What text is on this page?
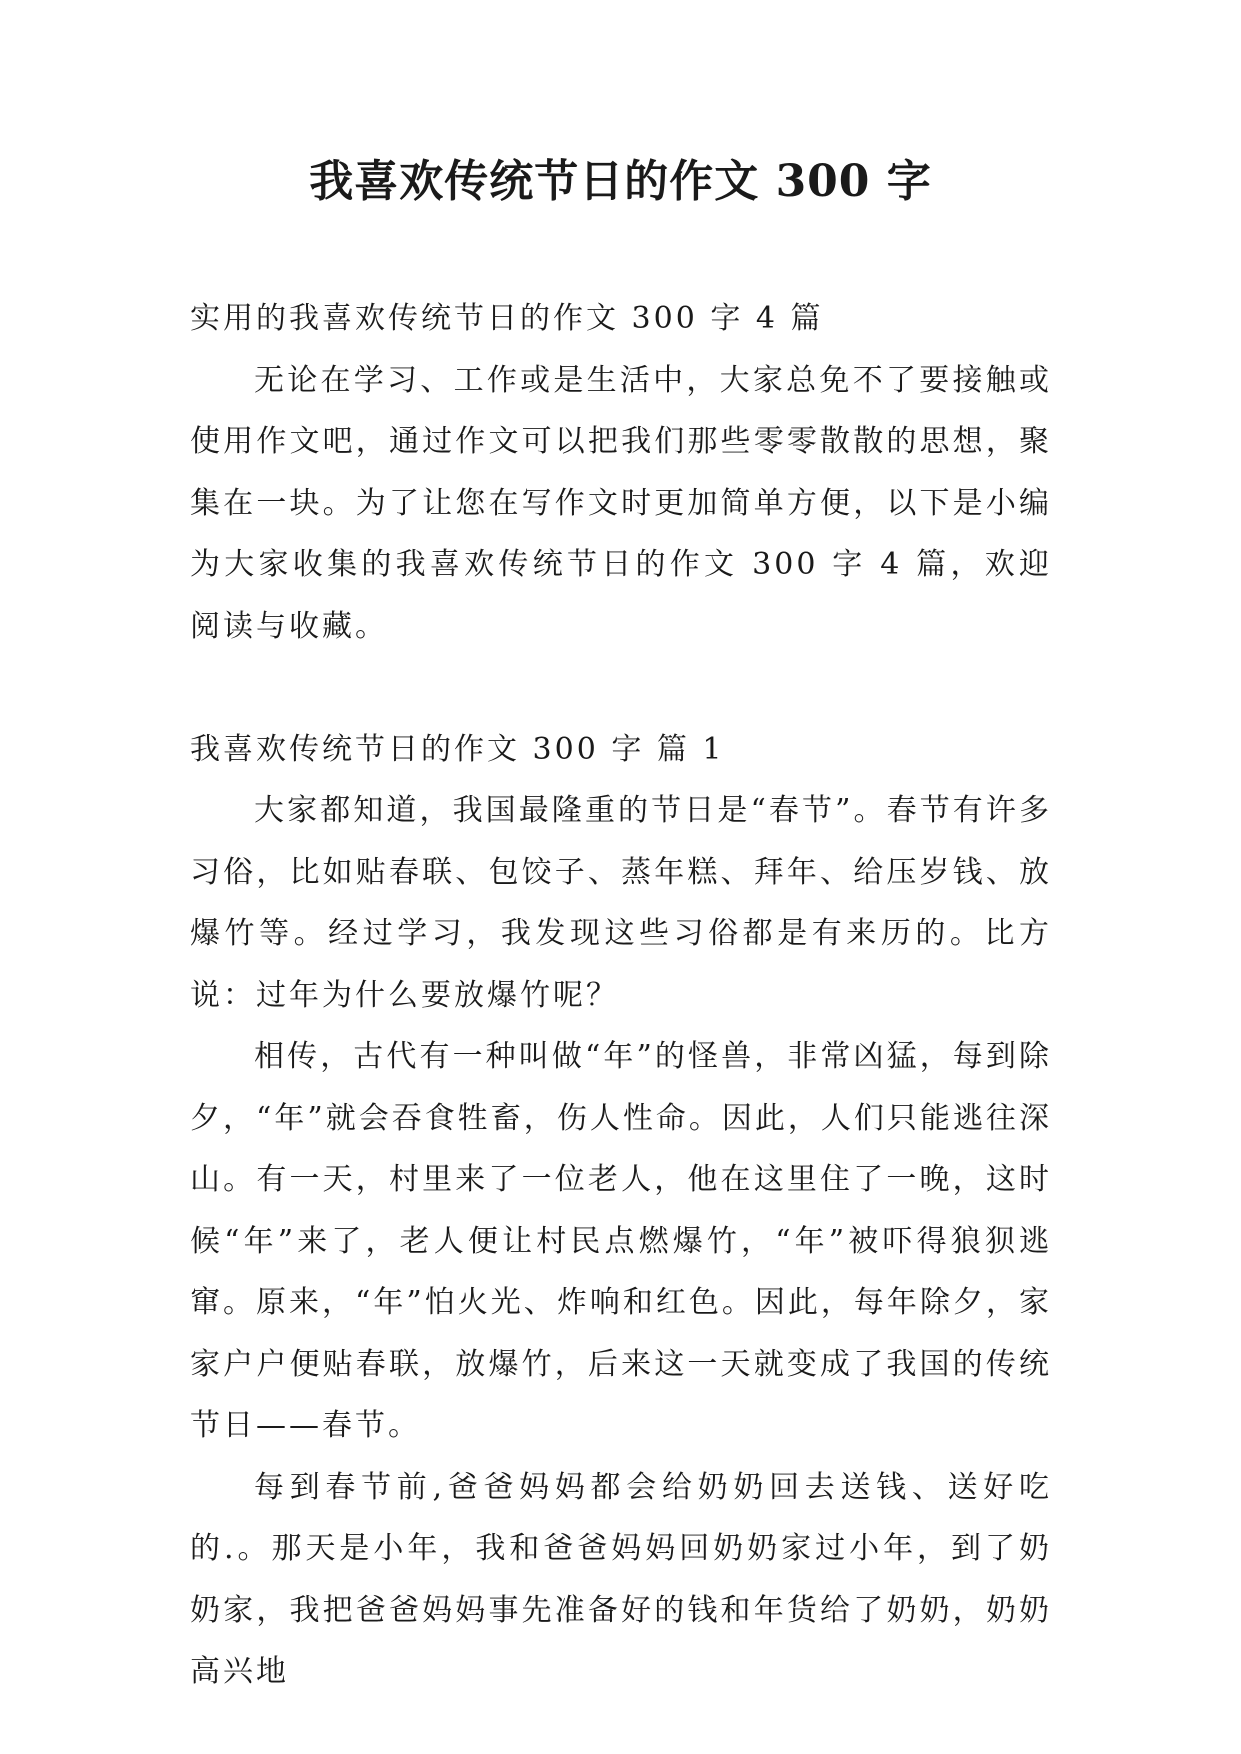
我喜欢传统节日的作文 300 字

实用的我喜欢传统节日的作文 300 字 4 篇

无论在学习、工作或是生活中，大家总免不了要接触或使用作文吧，通过作文可以把我们那些零零散散的思想，聚集在一块。为了让您在写作文时更加简单方便，以下是小编为大家收集的我喜欢传统节日的作文 300 字 4 篇，欢迎阅读与收藏。

我喜欢传统节日的作文 300 字 篇 1

大家都知道，我国最隆重的节日是“春节”。春节有许多习俗，比如贴春联、包饺子、蒸年糕、拜年、给压岁钱、放爆竹等。经过学习，我发现这些习俗都是有来历的。比方说：过年为什么要放爆竹呢？

相传，古代有一种叫做“年”的怪兽，非常凶猛，每到除夕，“年”就会吞食牲畜，伤人性命。因此，人们只能逃往深山。有一天，村里来了一位老人，他在这里住了一晚，这时候“年”来了，老人便让村民点燃爆竹，“年”被吓得狼狈逃窜。原来，“年”怕火光、炸响和红色。因此，每年除夕，家家户户便贴春联，放爆竹，后来这一天就变成了我国的传统节日——春节。

每到春节前,爸爸妈妈都会给奶奶回去送钱、送好吃的.。那天是小年，我和爸爸妈妈回奶奶家过小年，到了奶奶家，我把爸爸妈妈事先准备好的钱和年货给了奶奶，奶奶高兴地
